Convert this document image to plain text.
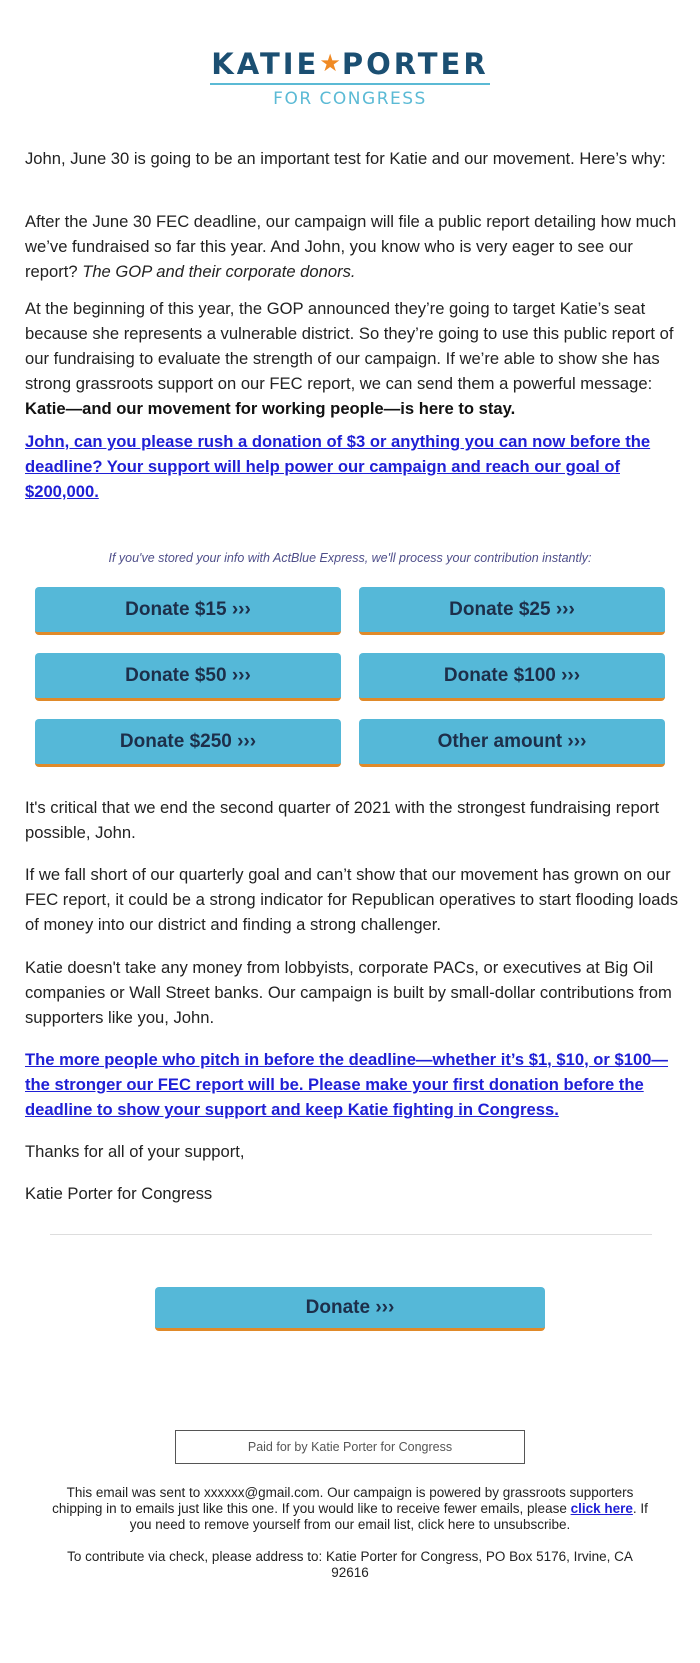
KATIE★PORTER
FOR CONGRESS

John, June 30 is going to be an important test for Katie and our movement. Here’s why:

After the June 30 FEC deadline, our campaign will file a public report detailing how much we’ve fundraised so far this year. And John, you know who is very eager to see our report? The GOP and their corporate donors.

At the beginning of this year, the GOP announced they’re going to target Katie’s seat because she represents a vulnerable district. So they’re going to use this public report of our fundraising to evaluate the strength of our campaign. If we’re able to show she has strong grassroots support on our FEC report, we can send them a powerful message: Katie—and our movement for working people—is here to stay.

John, can you please rush a donation of $3 or anything you can now before the deadline? Your support will help power our campaign and reach our goal of $200,000.

If you've stored your info with ActBlue Express, we'll process your contribution instantly:
Donate $15 ›››	Donate $25 ›››
Donate $50 ›››	Donate $100 ›››
Donate $250 ›››	Other amount ›››

It's critical that we end the second quarter of 2021 with the strongest fundraising report possible, John.

If we fall short of our quarterly goal and can’t show that our movement has grown on our FEC report, it could be a strong indicator for Republican operatives to start flooding loads of money into our district and finding a strong challenger.

Katie doesn't take any money from lobbyists, corporate PACs, or executives at Big Oil companies or Wall Street banks. Our campaign is built by small-dollar contributions from supporters like you, John.

The more people who pitch in before the deadline—whether it’s $1, $10, or $100—the stronger our FEC report will be. Please make your first donation before the deadline to show your support and keep Katie fighting in Congress.

Thanks for all of your support,

Katie Porter for Congress

Donate ›››
Paid for by Katie Porter for Congress
This email was sent to xxxxxx@gmail.com. Our campaign is powered by grassroots supporters chipping in to emails just like this one. If you would like to receive fewer emails, please click here. If you need to remove yourself from our email list, click here to unsubscribe.
To contribute via check, please address to: Katie Porter for Congress, PO Box 5176, Irvine, CA 92616
